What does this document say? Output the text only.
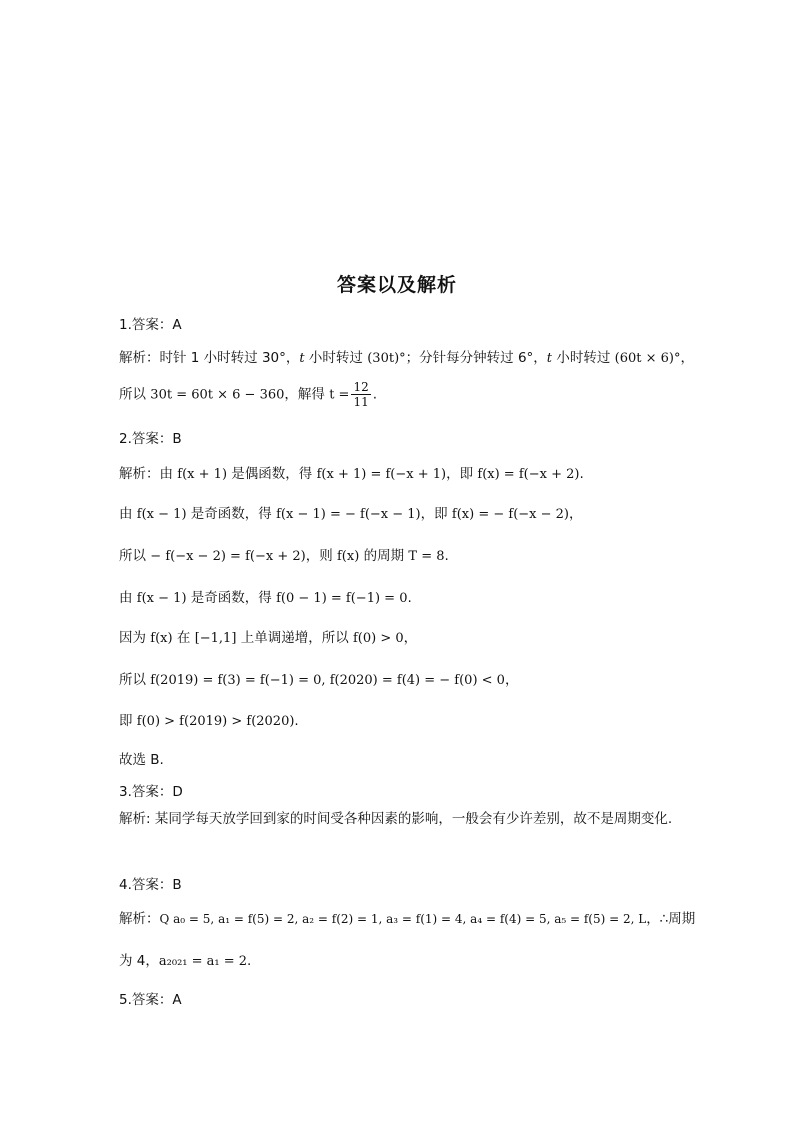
答案以及解析
1.答案：A
解析：时针 1 小时转过 30°，t 小时转过 (30t)°；分针每分钟转过 6°，t 小时转过 (60t × 6)°，
所以 30t = 60t × 6 − 360，解得 $t = \frac{12}{11}$ .
2.答案：B
解析：由 f(x + 1) 是偶函数，得 f(x + 1) = f(−x + 1)，即 f(x) = f(−x + 2).
由 f(x − 1) 是奇函数，得 f(x − 1) = − f(−x − 1)，即 f(x) = − f(−x − 2)，
所以 − f(−x − 2) = f(−x + 2)，则 f(x) 的周期 T = 8.
由 f(x − 1) 是奇函数，得 f(0 − 1) = f(−1) = 0.
因为 f(x) 在 [−1,1] 上单调递增，所以 f(0) > 0，
所以 f(2019) = f(3) = f(−1) = 0, f(2020) = f(4) = − f(0) < 0，
即 f(0) > f(2019) > f(2020).
故选 B.
3.答案：D
解析: 某同学每天放学回到家的时间受各种因素的影响，一般会有少许差别，故不是周期变化.
4.答案：B
解析：Q a₀ = 5, a₁ = f(5) = 2, a₂ = f(2) = 1, a₃ = f(1) = 4, a₄ = f(4) = 5, a₅ = f(5) = 2, L，∴周期
为 4，a₂₀₂₁ = a₁ = 2.
5.答案：A
